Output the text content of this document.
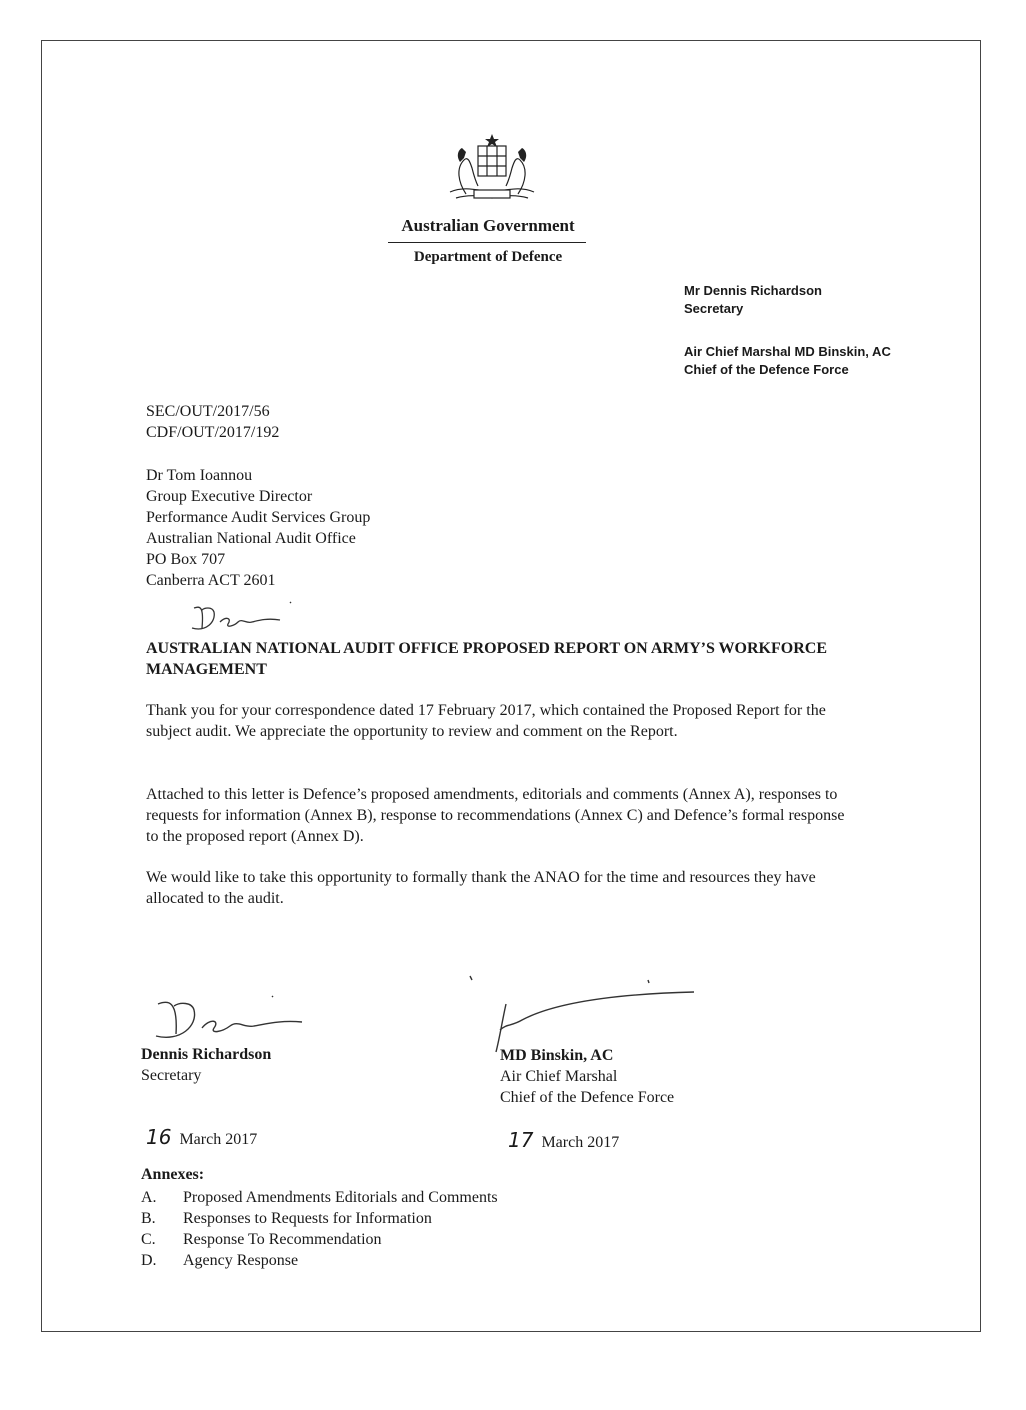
Australian Government
Department of Defence
Mr Dennis Richardson
Secretary
Air Chief Marshal MD Binskin, AC
Chief of the Defence Force
SEC/OUT/2017/56
CDF/OUT/2017/192
Dr Tom Ioannou
Group Executive Director
Performance Audit Services Group
Australian National Audit Office
PO Box 707
Canberra ACT 2601
AUSTRALIAN NATIONAL AUDIT OFFICE PROPOSED REPORT ON ARMY’S WORKFORCE MANAGEMENT
Thank you for your correspondence dated 17 February 2017, which contained the Proposed Report for the subject audit. We appreciate the opportunity to review and comment on the Report.
Attached to this letter is Defence’s proposed amendments, editorials and comments (Annex A), responses to requests for information (Annex B), response to recommendations (Annex C) and Defence’s formal response to the proposed report (Annex D).
We would like to take this opportunity to formally thank the ANAO for the time and resources they have allocated to the audit.
Dennis Richardson
Secretary
MD Binskin, AC
Air Chief Marshal
Chief of the Defence Force
16 March 2017	17 March 2017
Annexes:
A.	Proposed Amendments Editorials and Comments
B.	Responses to Requests for Information
C.	Response To Recommendation
D.	Agency Response
